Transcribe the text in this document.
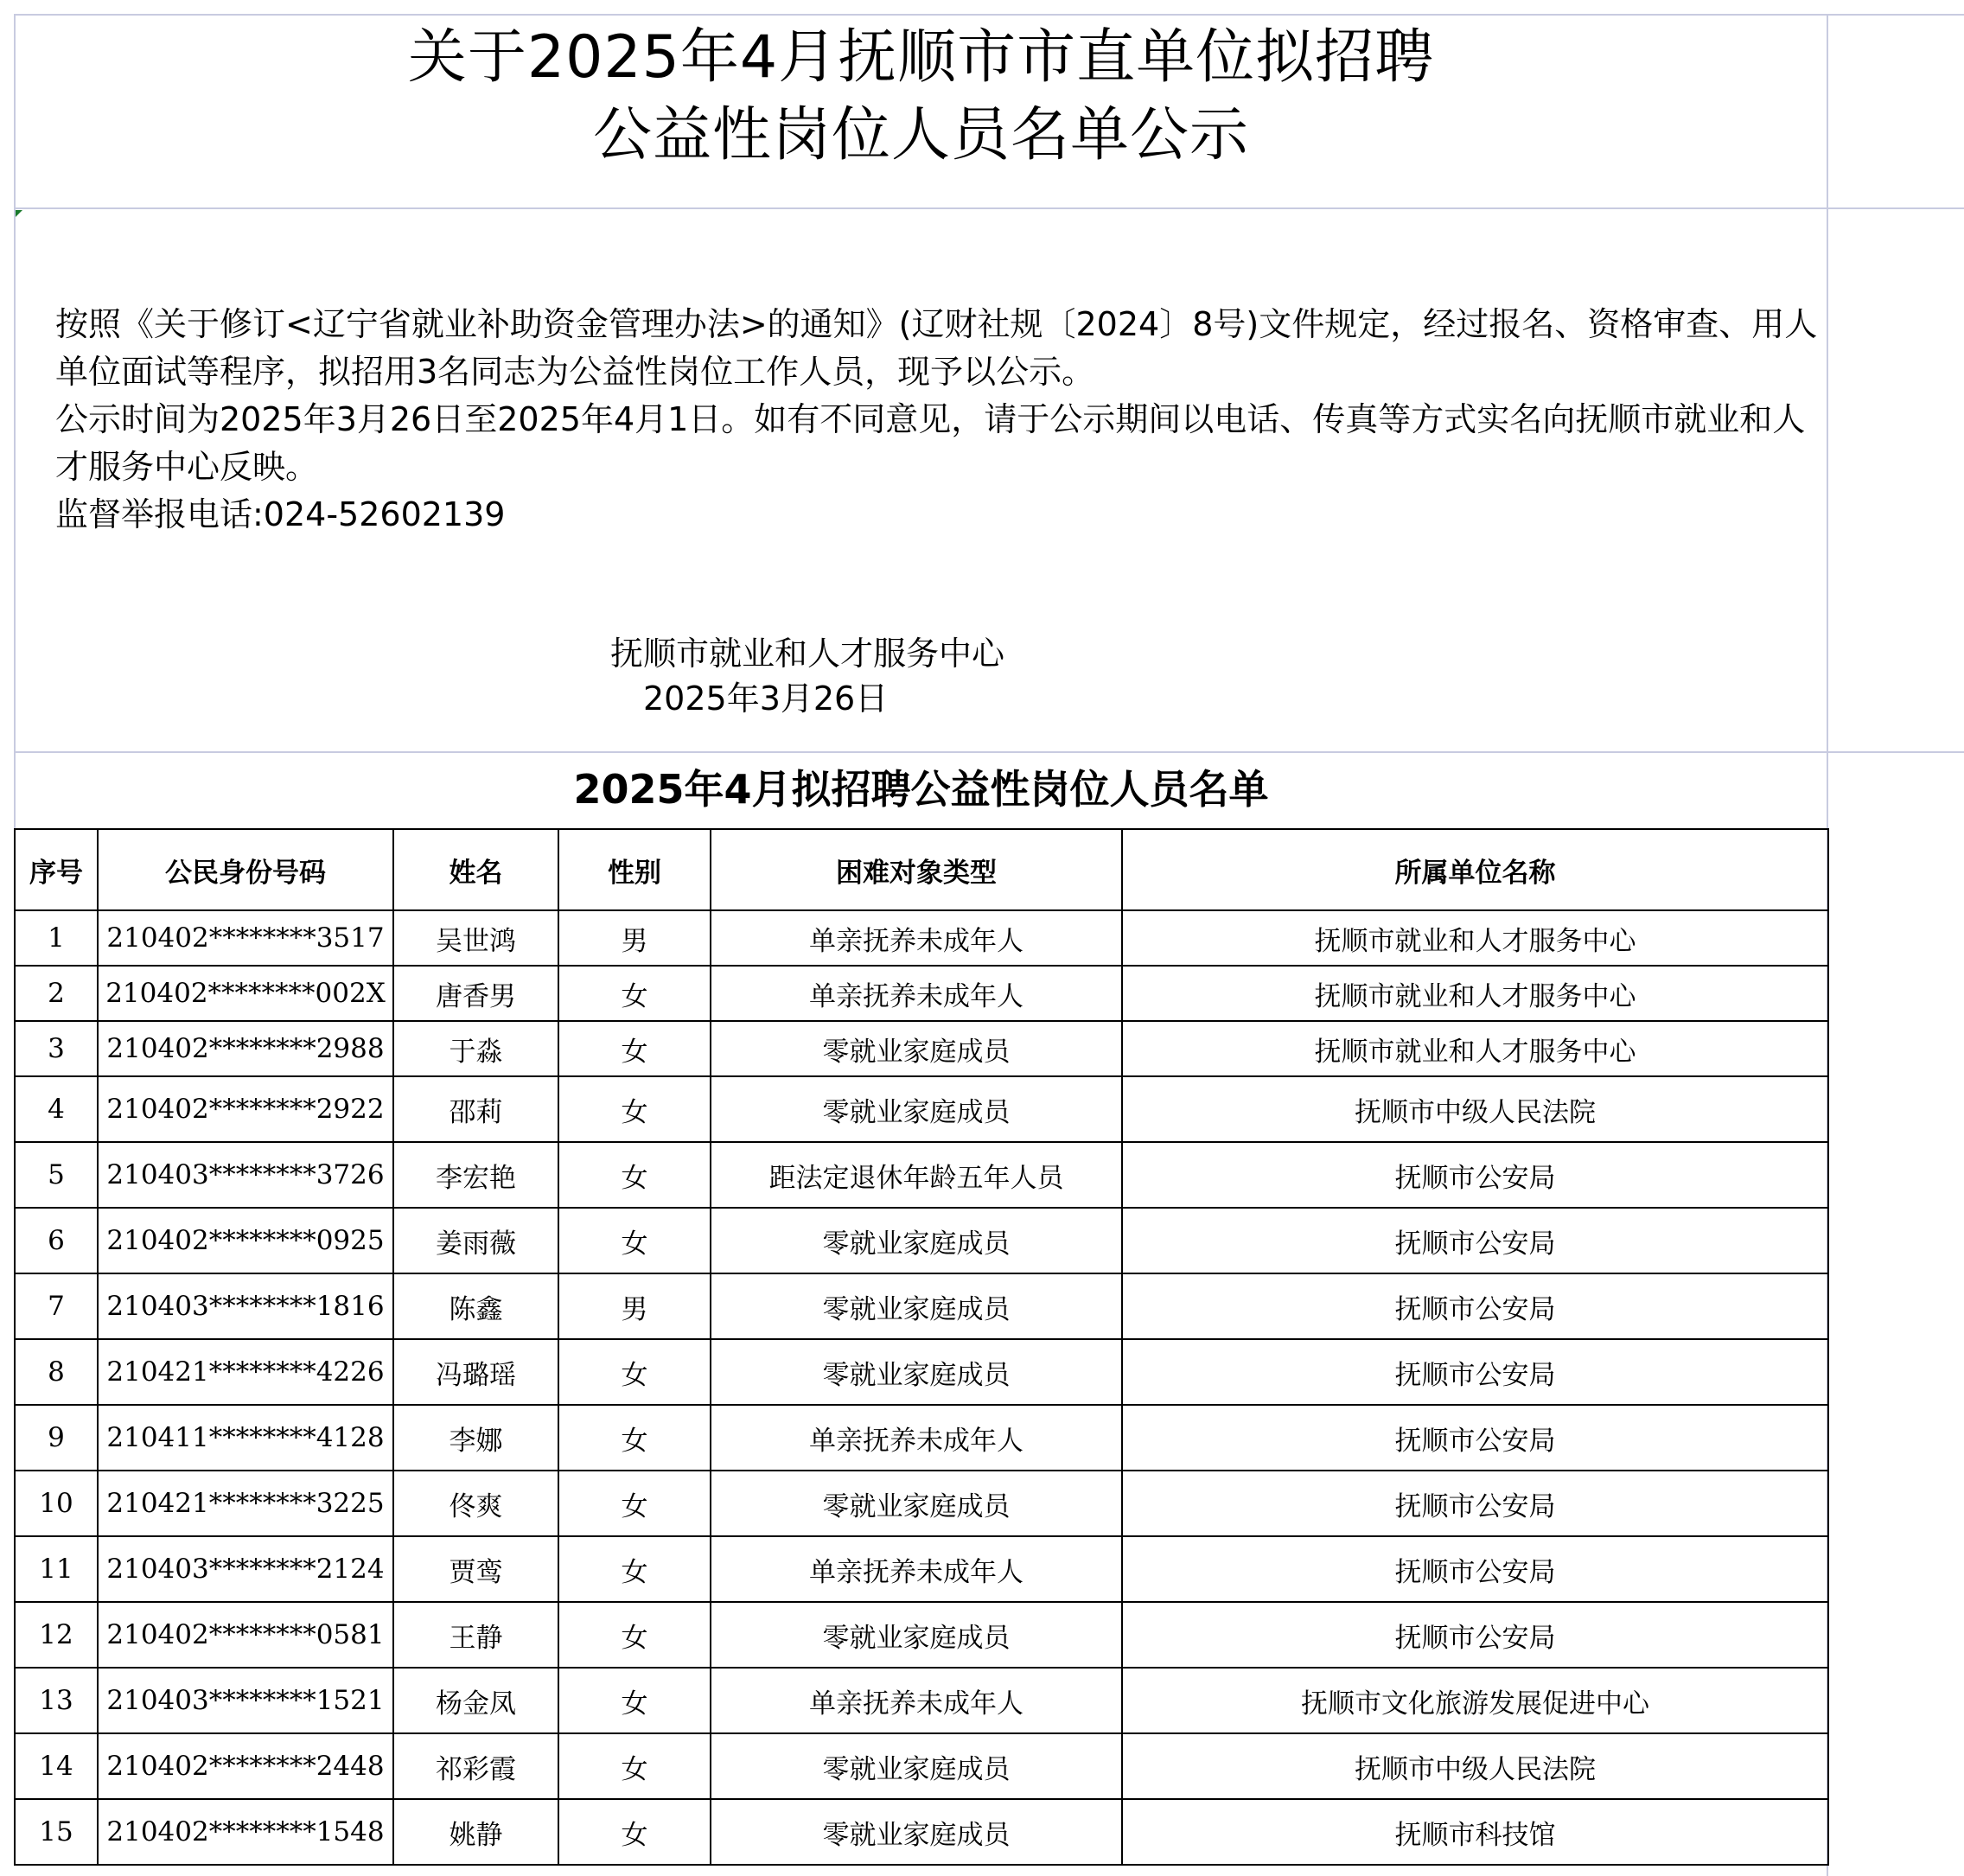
关于2025年4月抚顺市市直单位拟招聘
公益性岗位人员名单公示

按照《关于修订<辽宁省就业补助资金管理办法>的通知》(辽财社规〔2024〕8号)文件规定，经过报名、资格审查、用人单位面试等程序，拟招用3名同志为公益性岗位工作人员，现予以公示。

公示时间为2025年3月26日至2025年4月1日。如有不同意见，请于公示期间以电话、传真等方式实名向抚顺市就业和人才服务中心反映。

监督举报电话:024-52602139

抚顺市就业和人才服务中心
2025年3月26日
2025年4月拟招聘公益性岗位人员名单
序号	公民身份号码	姓名	性别	困难对象类型	所属单位名称
1	210402********3517	吴世鸿	男	单亲抚养未成年人	抚顺市就业和人才服务中心
2	210402********002X	唐香男	女	单亲抚养未成年人	抚顺市就业和人才服务中心
3	210402********2988	于淼	女	零就业家庭成员	抚顺市就业和人才服务中心
4	210402********2922	邵莉	女	零就业家庭成员	抚顺市中级人民法院
5	210403********3726	李宏艳	女	距法定退休年龄五年人员	抚顺市公安局
6	210402********0925	姜雨薇	女	零就业家庭成员	抚顺市公安局
7	210403********1816	陈鑫	男	零就业家庭成员	抚顺市公安局
8	210421********4226	冯璐瑶	女	零就业家庭成员	抚顺市公安局
9	210411********4128	李娜	女	单亲抚养未成年人	抚顺市公安局
10	210421********3225	佟爽	女	零就业家庭成员	抚顺市公安局
11	210403********2124	贾鸾	女	单亲抚养未成年人	抚顺市公安局
12	210402********0581	王静	女	零就业家庭成员	抚顺市公安局
13	210403********1521	杨金凤	女	单亲抚养未成年人	抚顺市文化旅游发展促进中心
14	210402********2448	祁彩霞	女	零就业家庭成员	抚顺市中级人民法院
15	210402********1548	姚静	女	零就业家庭成员	抚顺市科技馆
